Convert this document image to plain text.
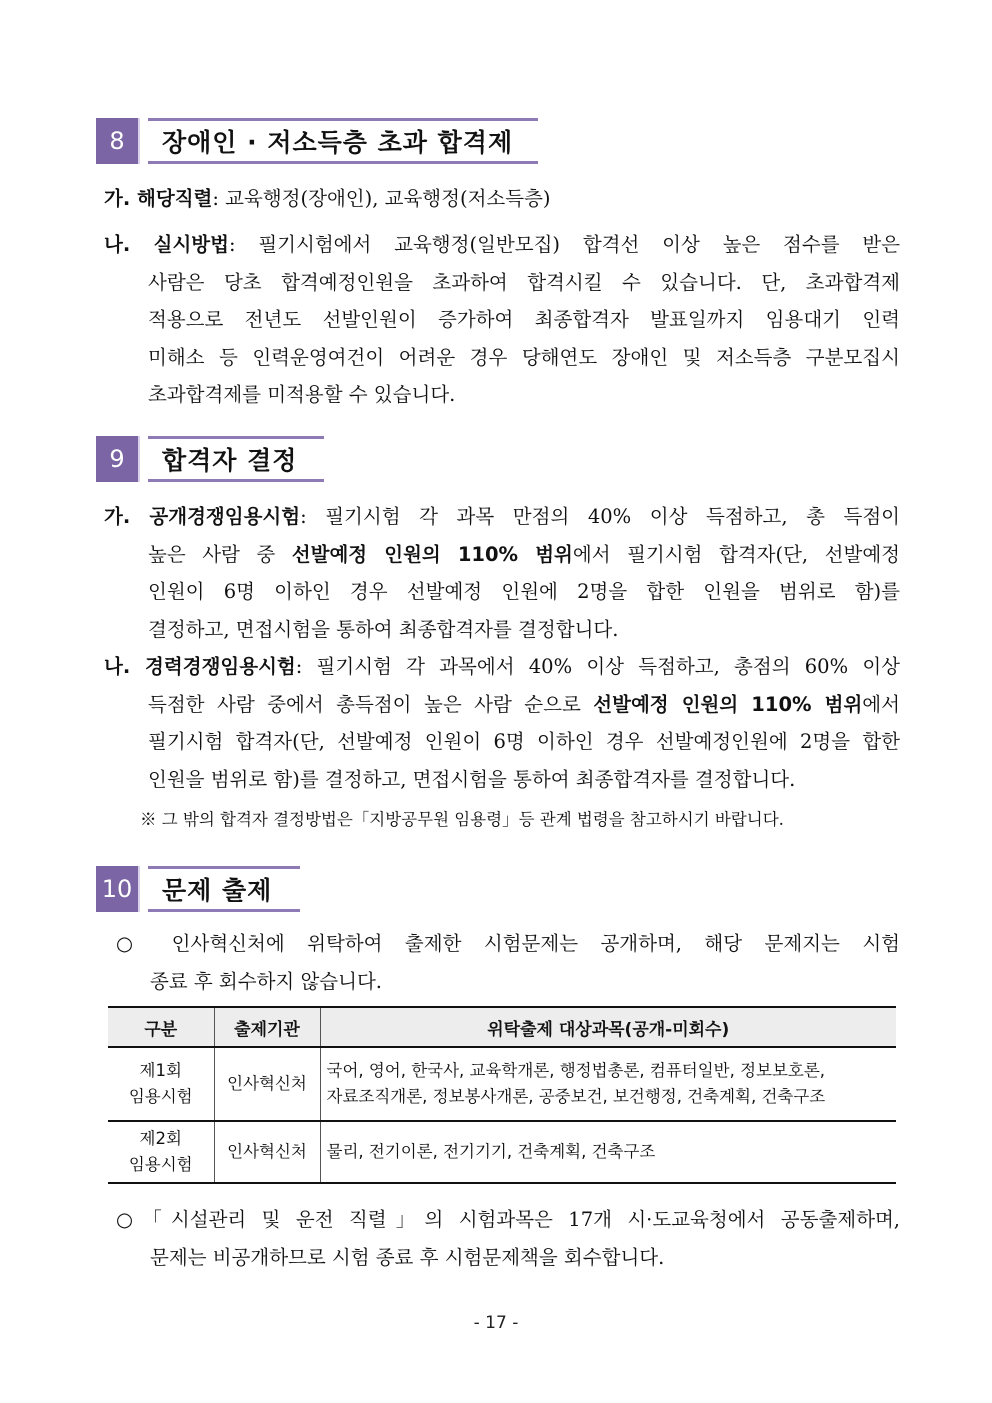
8	장애인 · 저소득층 초과 합격제
가. 해당직렬: 교육행정(장애인), 교육행정(저소득층)
나. 실시방법: 필기시험에서 교육행정(일반모집) 합격선 이상 높은 점수를 받은
사람은 당초 합격예정인원을 초과하여 합격시킬 수 있습니다. 단, 초과합격제
적용으로 전년도 선발인원이 증가하여 최종합격자 발표일까지 임용대기 인력
미해소 등 인력운영여건이 어려운 경우 당해연도 장애인 및 저소득층 구분모집시
초과합격제를 미적용할 수 있습니다.
9	합격자 결정
가. 공개경쟁임용시험: 필기시험 각 과목 만점의 40% 이상 득점하고, 총 득점이
높은 사람 중 선발예정 인원의 110% 범위에서 필기시험 합격자(단, 선발예정
인원이 6명 이하인 경우 선발예정 인원에 2명을 합한 인원을 범위로 함)를
결정하고, 면접시험을 통하여 최종합격자를 결정합니다.
나. 경력경쟁임용시험: 필기시험 각 과목에서 40% 이상 득점하고, 총점의 60% 이상
득점한 사람 중에서 총득점이 높은 사람 순으로 선발예정 인원의 110% 범위에서
필기시험 합격자(단, 선발예정 인원이 6명 이하인 경우 선발예정인원에 2명을 합한
인원을 범위로 함)를 결정하고, 면접시험을 통하여 최종합격자를 결정합니다.
※ 그 밖의 합격자 결정방법은「지방공무원 임용령」등 관계 법령을 참고하시기 바랍니다.
10	문제 출제
○ 인사혁신처에 위탁하여 출제한 시험문제는 공개하며, 해당 문제지는 시험
종료 후 회수하지 않습니다.
구분	출제기관	위탁출제 대상과목(공개-미회수)

제1회
임용시험	인사혁신처	국어, 영어, 한국사, 교육학개론, 행정법총론, 컴퓨터일반, 정보보호론,
자료조직개론, 정보봉사개론, 공중보건, 보건행정, 건축계획, 건축구조

제2회
임용시험	인사혁신처	물리, 전기이론, 전기기기, 건축계획, 건축구조
○「시설관리 및 운전 직렬」의 시험과목은 17개 시·도교육청에서 공동출제하며,
문제는 비공개하므로 시험 종료 후 시험문제책을 회수합니다.
- 17 -
